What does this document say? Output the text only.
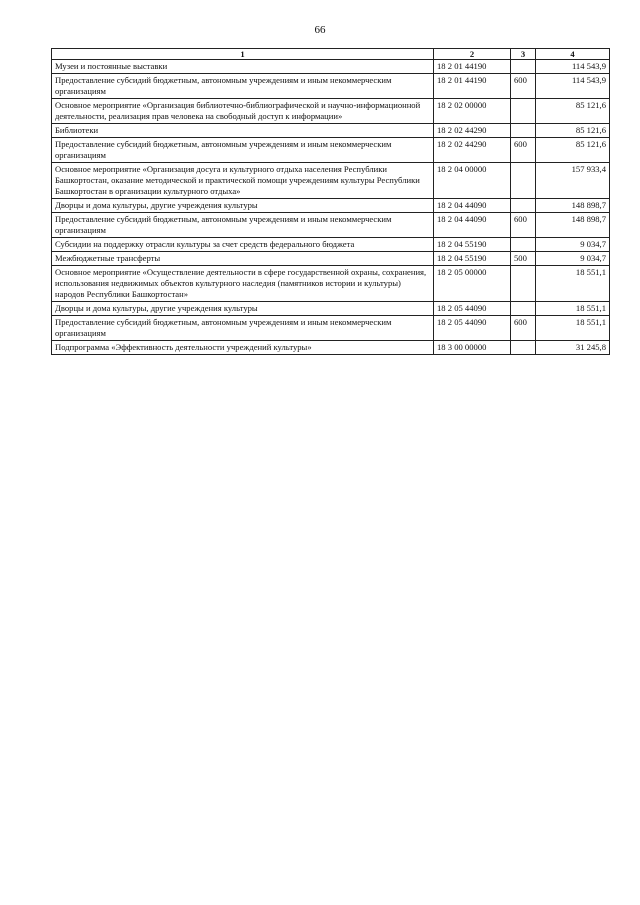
66
1	2	3	4
Музеи и постоянные выставки	18 2 01 44190		114 543,9
Предоставление субсидий бюджетным, автономным учреждениям и иным некоммерческим организациям	18 2 01 44190	600	114 543,9
Основное мероприятие «Организация библиотечно-библиографической и научно-информационной деятельности, реализация прав человека на свободный доступ к информации»	18 2 02 00000		85 121,6
Библиотеки	18 2 02 44290		85 121,6
Предоставление субсидий бюджетным, автономным учреждениям и иным некоммерческим организациям	18 2 02 44290	600	85 121,6
Основное мероприятие «Организация досуга и культурного отдыха населения Республики Башкортостан, оказание методической и практической помощи учреждениям культуры Республики Башкортостан в организации культурного отдыха»	18 2 04 00000		157 933,4
Дворцы и дома культуры, другие учреждения культуры	18 2 04 44090		148 898,7
Предоставление субсидий бюджетным, автономным учреждениям и иным некоммерческим организациям	18 2 04 44090	600	148 898,7
Субсидии на поддержку отрасли культуры за счет средств федерального бюджета	18 2 04 55190		9 034,7
Межбюджетные трансферты	18 2 04 55190	500	9 034,7
Основное мероприятие «Осуществление деятельности в сфере государственной охраны, сохранения, использования недвижимых объектов культурного наследия (памятников истории и культуры) народов Республики Башкортостан»	18 2 05 00000		18 551,1
Дворцы и дома культуры, другие учреждения культуры	18 2 05 44090		18 551,1
Предоставление субсидий бюджетным, автономным учреждениям и иным некоммерческим организациям	18 2 05 44090	600	18 551,1
Подпрограмма «Эффективность деятельности учреждений культуры»	18 3 00 00000		31 245,8
